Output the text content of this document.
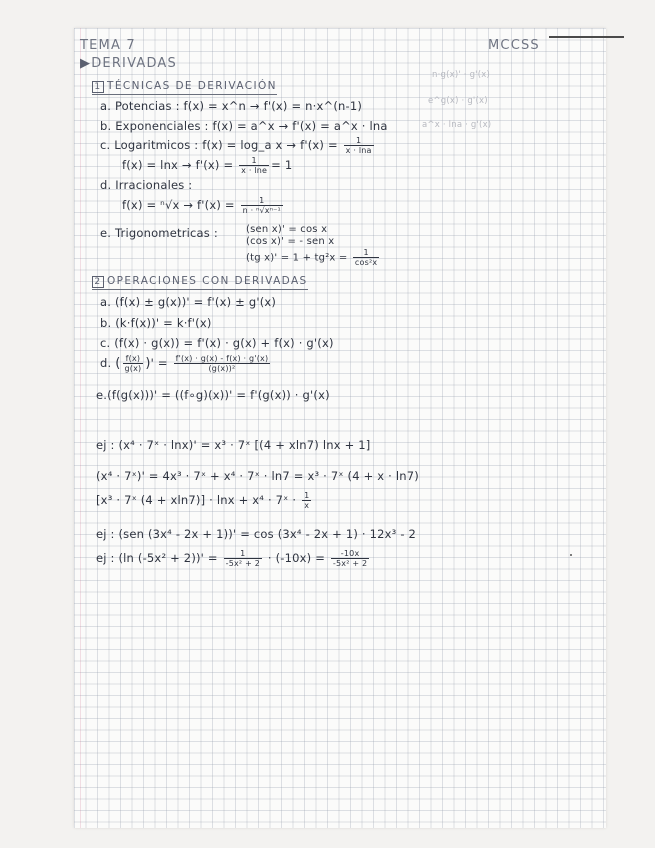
TEMA 7	MCCSS
▶DERIVADAS
n·g(x)' · g'(x)
e^g(x) · g'(x)
a^x · lna · g'(x)
1 TÉCNICAS DE DERIVACIÓN
a. Potencias : f(x) = x^n → f'(x) = n·x^(n-1)
b. Exponenciales : f(x) = a^x → f'(x) = a^x · lna
c. Logaritmicos : f(x) = log_a $x \to f'(x) = \frac{1}{x \cdot \ln a}$
$f(x) = \ln x \to f'(x) = \frac{1}{x \cdot \ln e} = 1$
d. Irracionales :
$f(x) = ^n√x \to f'(x) = \frac{1}{\text{n · ⁿ√xⁿ⁻¹}}$
e. Trigonometricas :	(sen x)' = cos x
(cos x)' = - sen x
(tg $x)' = 1 + tg^2x = \frac{1}{\text{cos²x}}$
2 OPERACIONES CON DERIVADAS
a. (f(x) ± g(x))' = f'(x) ± g'(x)
b. (k·f(x))' = k·f'(x)
c. (f(x) · g(x)) = f'(x) · g(x) + f(x) · g'(x)
d. ( $\frac{f(x)}{g(x)}$ )' = $\frac{f'(x) \cdot g(x) - f(x) \cdot g'(x)}{\text{(g(x))²}}$
e.(f(g(x)))' = ((f∘g)(x))' = f'(g(x)) · g'(x)
ej : (x⁴ · 7ˣ · lnx)' = x³ · 7ˣ [(4 + xln7) lnx + 1]
(x⁴ · 7ˣ)' = 4x³ · 7ˣ + x⁴ · 7ˣ · ln7 = x³ · 7ˣ (4 + x · ln7)
[x³ · 7ˣ (4 + xln7)] · lnx + x⁴ · 7ˣ · $\frac{1}{x}$
ej : (sen (3x⁴ - 2x + 1))' = cos (3x⁴ - 2x + 1) · 12x³ - 2
ej : (ln $(-5x^2 + 2))' = \frac{1}{\text{-5x² + 2}} \cdot (-10x) = \frac{-10x}{\text{-5x² + 2}}$
